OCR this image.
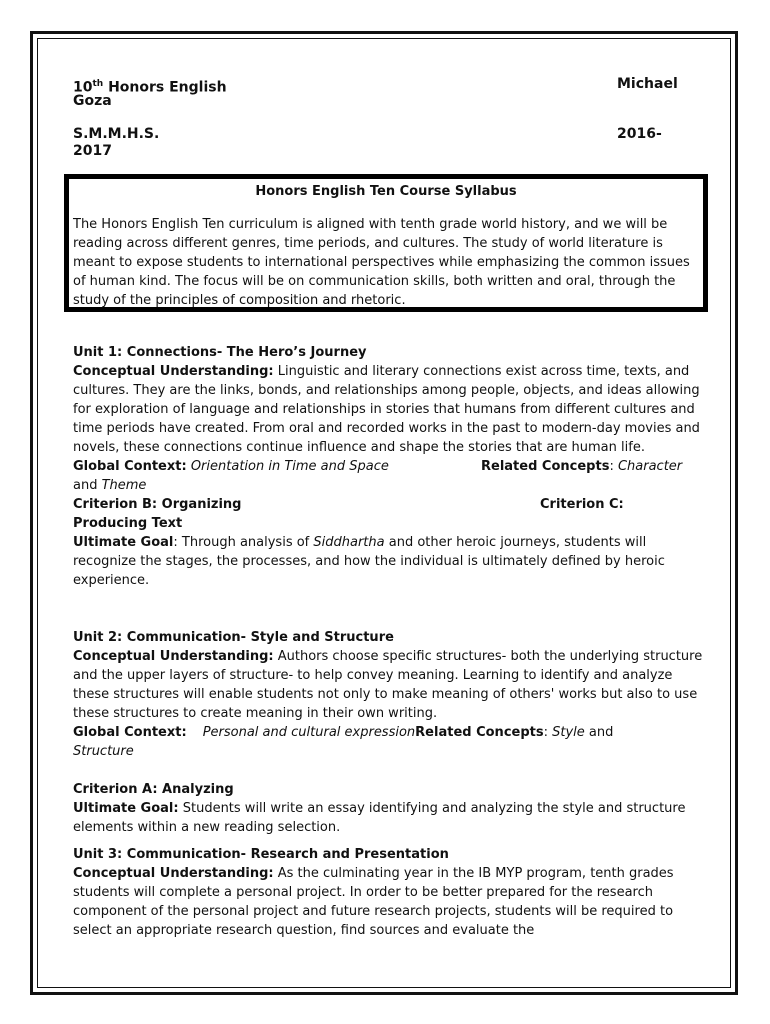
10th Honors English
Goza
Michael
S.M.M.H.S.	2016-
2017
Honors English Ten Course Syllabus
The Honors English Ten curriculum is aligned with tenth grade world history, and we will be reading across different genres, time periods, and cultures. The study of world literature is meant to expose students to international perspectives while emphasizing the common issues of human kind. The focus will be on communication skills, both written and oral, through the study of the principles of composition and rhetoric.
Unit 1: Connections- The Hero’s Journey
Conceptual Understanding: Linguistic and literary connections exist across time, texts, and cultures. They are the links, bonds, and relationships among people, objects, and ideas allowing for exploration of language and relationships in stories that humans from different cultures and time periods have created. From oral and recorded works in the past to modern-day movies and novels, these connections continue influence and shape the stories that are human life.
Global Context: Orientation in Time and Space	Related Concepts: Character
and Theme
Criterion B: Organizing	Criterion C:
Producing Text
Ultimate Goal: Through analysis of Siddhartha and other heroic journeys, students will recognize the stages, the processes, and how the individual is ultimately defined by heroic experience.
Unit 2: Communication- Style and Structure
Conceptual Understanding: Authors choose specific structures- both the underlying structure and the upper layers of structure- to help convey meaning. Learning to identify and analyze these structures will enable students not only to make meaning of others' works but also to use these structures to create meaning in their own writing.
Global Context: Personal and cultural expressionRelated Concepts: Style and
Structure
Criterion A: Analyzing
Ultimate Goal: Students will write an essay identifying and analyzing the style and structure elements within a new reading selection.
Unit 3: Communication- Research and Presentation
Conceptual Understanding: As the culminating year in the IB MYP program, tenth grades students will complete a personal project. In order to be better prepared for the research component of the personal project and future research projects, students will be required to select an appropriate research question, find sources and evaluate the
